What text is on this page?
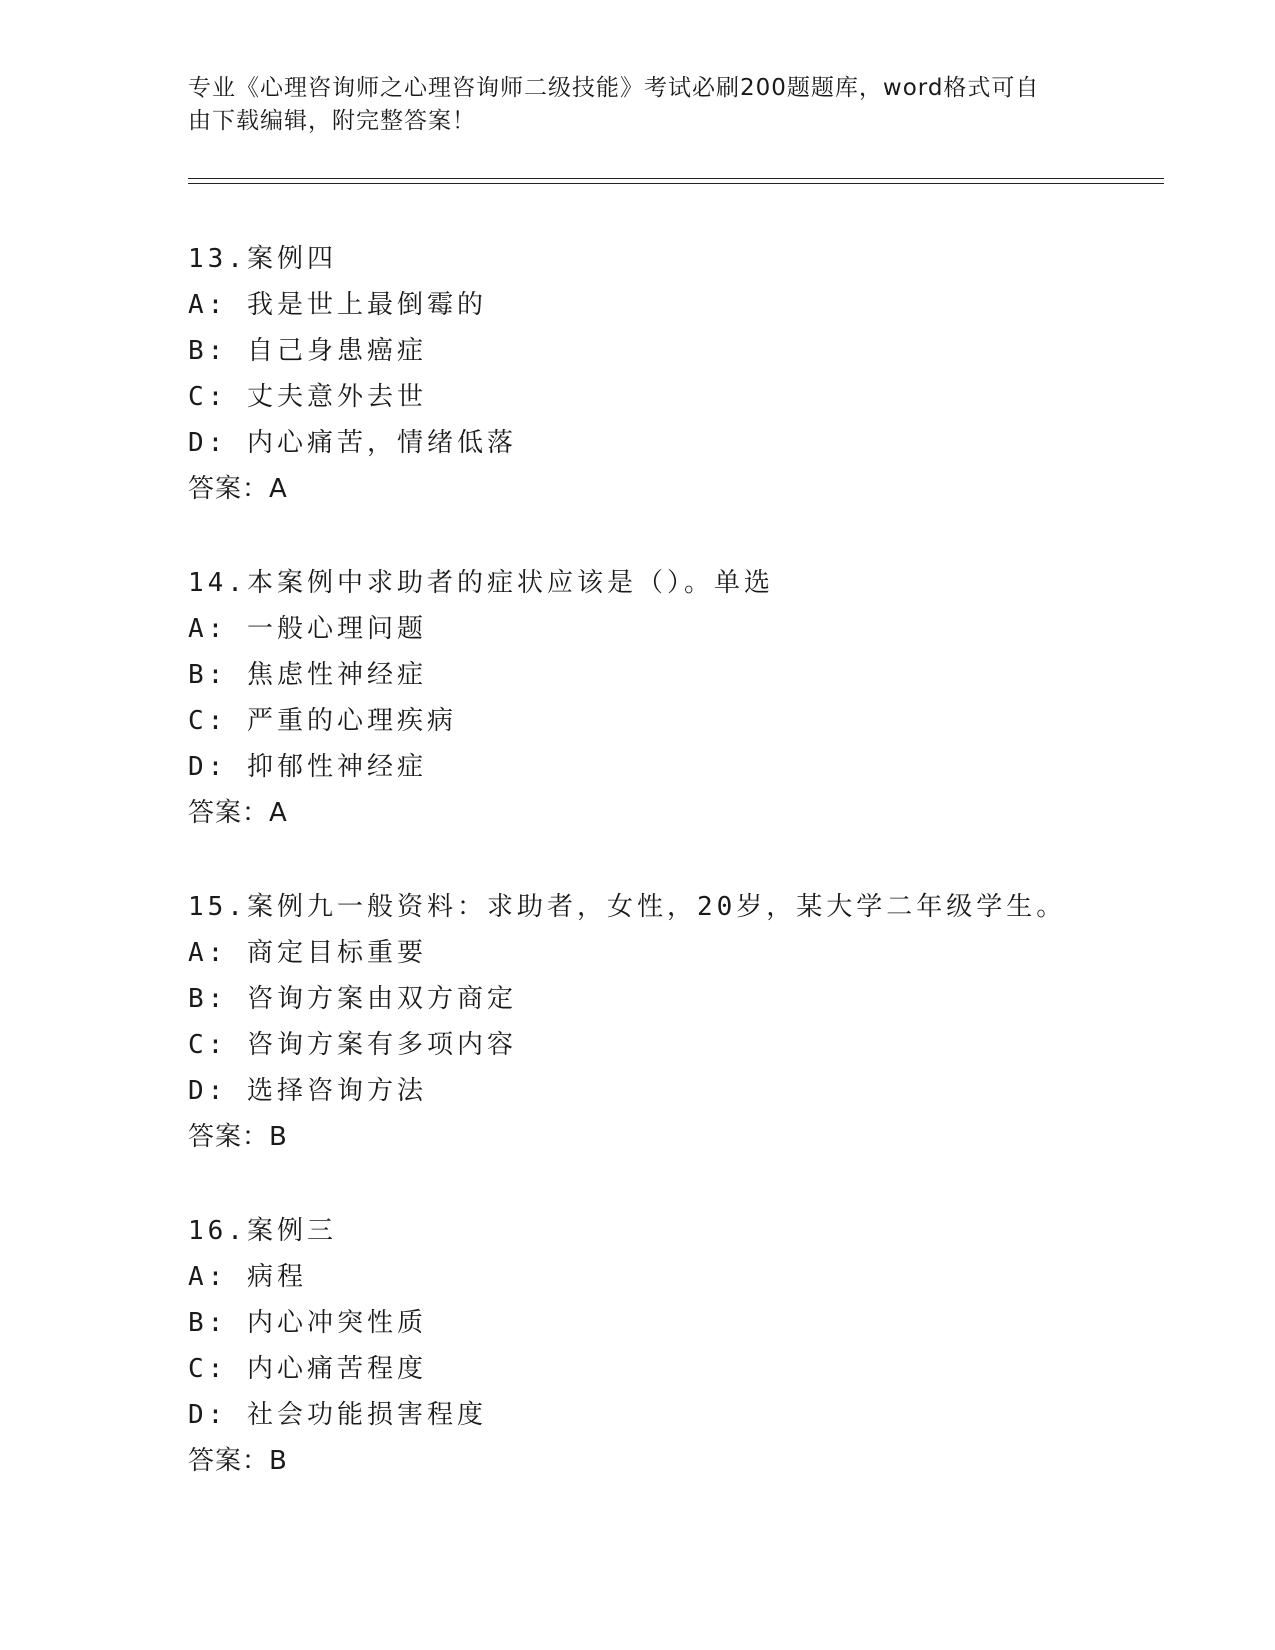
专业《心理咨询师之心理咨询师二级技能》考试必刷200题题库，word格式可自
由下载编辑，附完整答案！
13.案例四
A: 我是世上最倒霉的
B: 自己身患癌症
C: 丈夫意外去世
D: 内心痛苦，情绪低落
答案：A
14.本案例中求助者的症状应该是（）。单选
A: 一般心理问题
B: 焦虑性神经症
C: 严重的心理疾病
D: 抑郁性神经症
答案：A
15.案例九一般资料：求助者，女性，20岁，某大学二年级学生。
A: 商定目标重要
B: 咨询方案由双方商定
C: 咨询方案有多项内容
D: 选择咨询方法
答案：B
16.案例三
A: 病程
B: 内心冲突性质
C: 内心痛苦程度
D: 社会功能损害程度
答案：B
